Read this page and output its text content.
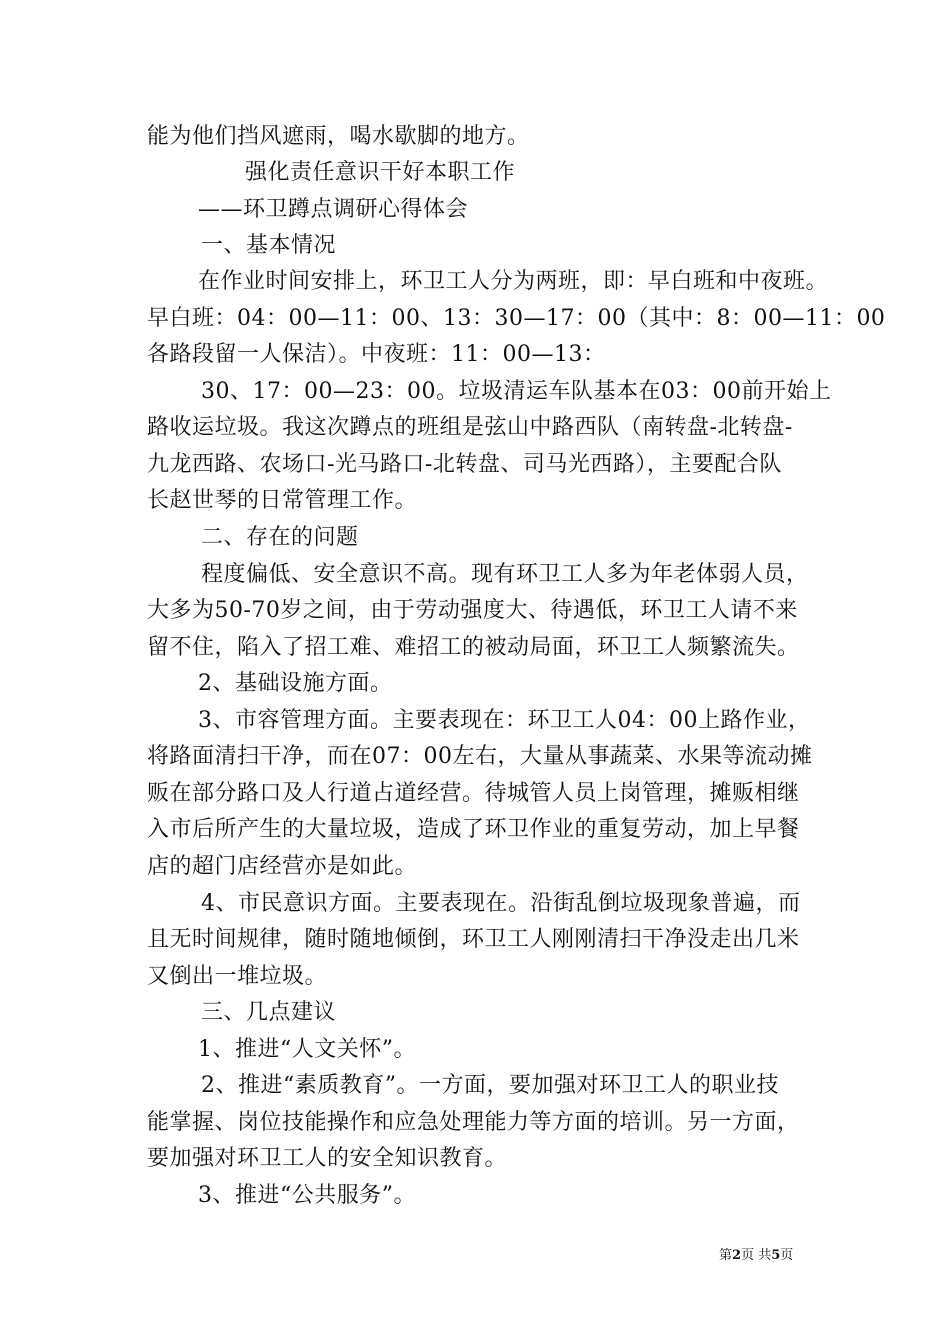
能为他们挡风遮雨，喝水歇脚的地方。
强化责任意识干好本职工作
——环卫蹲点调研心得体会
一、基本情况
在作业时间安排上，环卫工人分为两班，即：早白班和中夜班。
早白班：04：00—11：00、13：30—17：00（其中：8：00—11：00
各路段留一人保洁）。中夜班：11：00—13：
30、17：00—23：00。垃圾清运车队基本在03：00前开始上
路收运垃圾。我这次蹲点的班组是弦山中路西队（南转盘-北转盘-
九龙西路、农场口-光马路口-北转盘、司马光西路），主要配合队
长赵世琴的日常管理工作。
二、存在的问题
程度偏低、安全意识不高。现有环卫工人多为年老体弱人员，
大多为50-70岁之间，由于劳动强度大、待遇低，环卫工人请不来
留不住，陷入了招工难、难招工的被动局面，环卫工人频繁流失。
2、基础设施方面。
3、市容管理方面。主要表现在：环卫工人04：00上路作业，
将路面清扫干净，而在07：00左右，大量从事蔬菜、水果等流动摊
贩在部分路口及人行道占道经营。待城管人员上岗管理，摊贩相继
入市后所产生的大量垃圾，造成了环卫作业的重复劳动，加上早餐
店的超门店经营亦是如此。
4、市民意识方面。主要表现在。沿街乱倒垃圾现象普遍，而
且无时间规律，随时随地倾倒，环卫工人刚刚清扫干净没走出几米
又倒出一堆垃圾。
三、几点建议
1、推进“人文关怀”。
2、推进“素质教育”。一方面，要加强对环卫工人的职业技
能掌握、岗位技能操作和应急处理能力等方面的培训。另一方面，
要加强对环卫工人的安全知识教育。
3、推进“公共服务”。
第2页 共5页
